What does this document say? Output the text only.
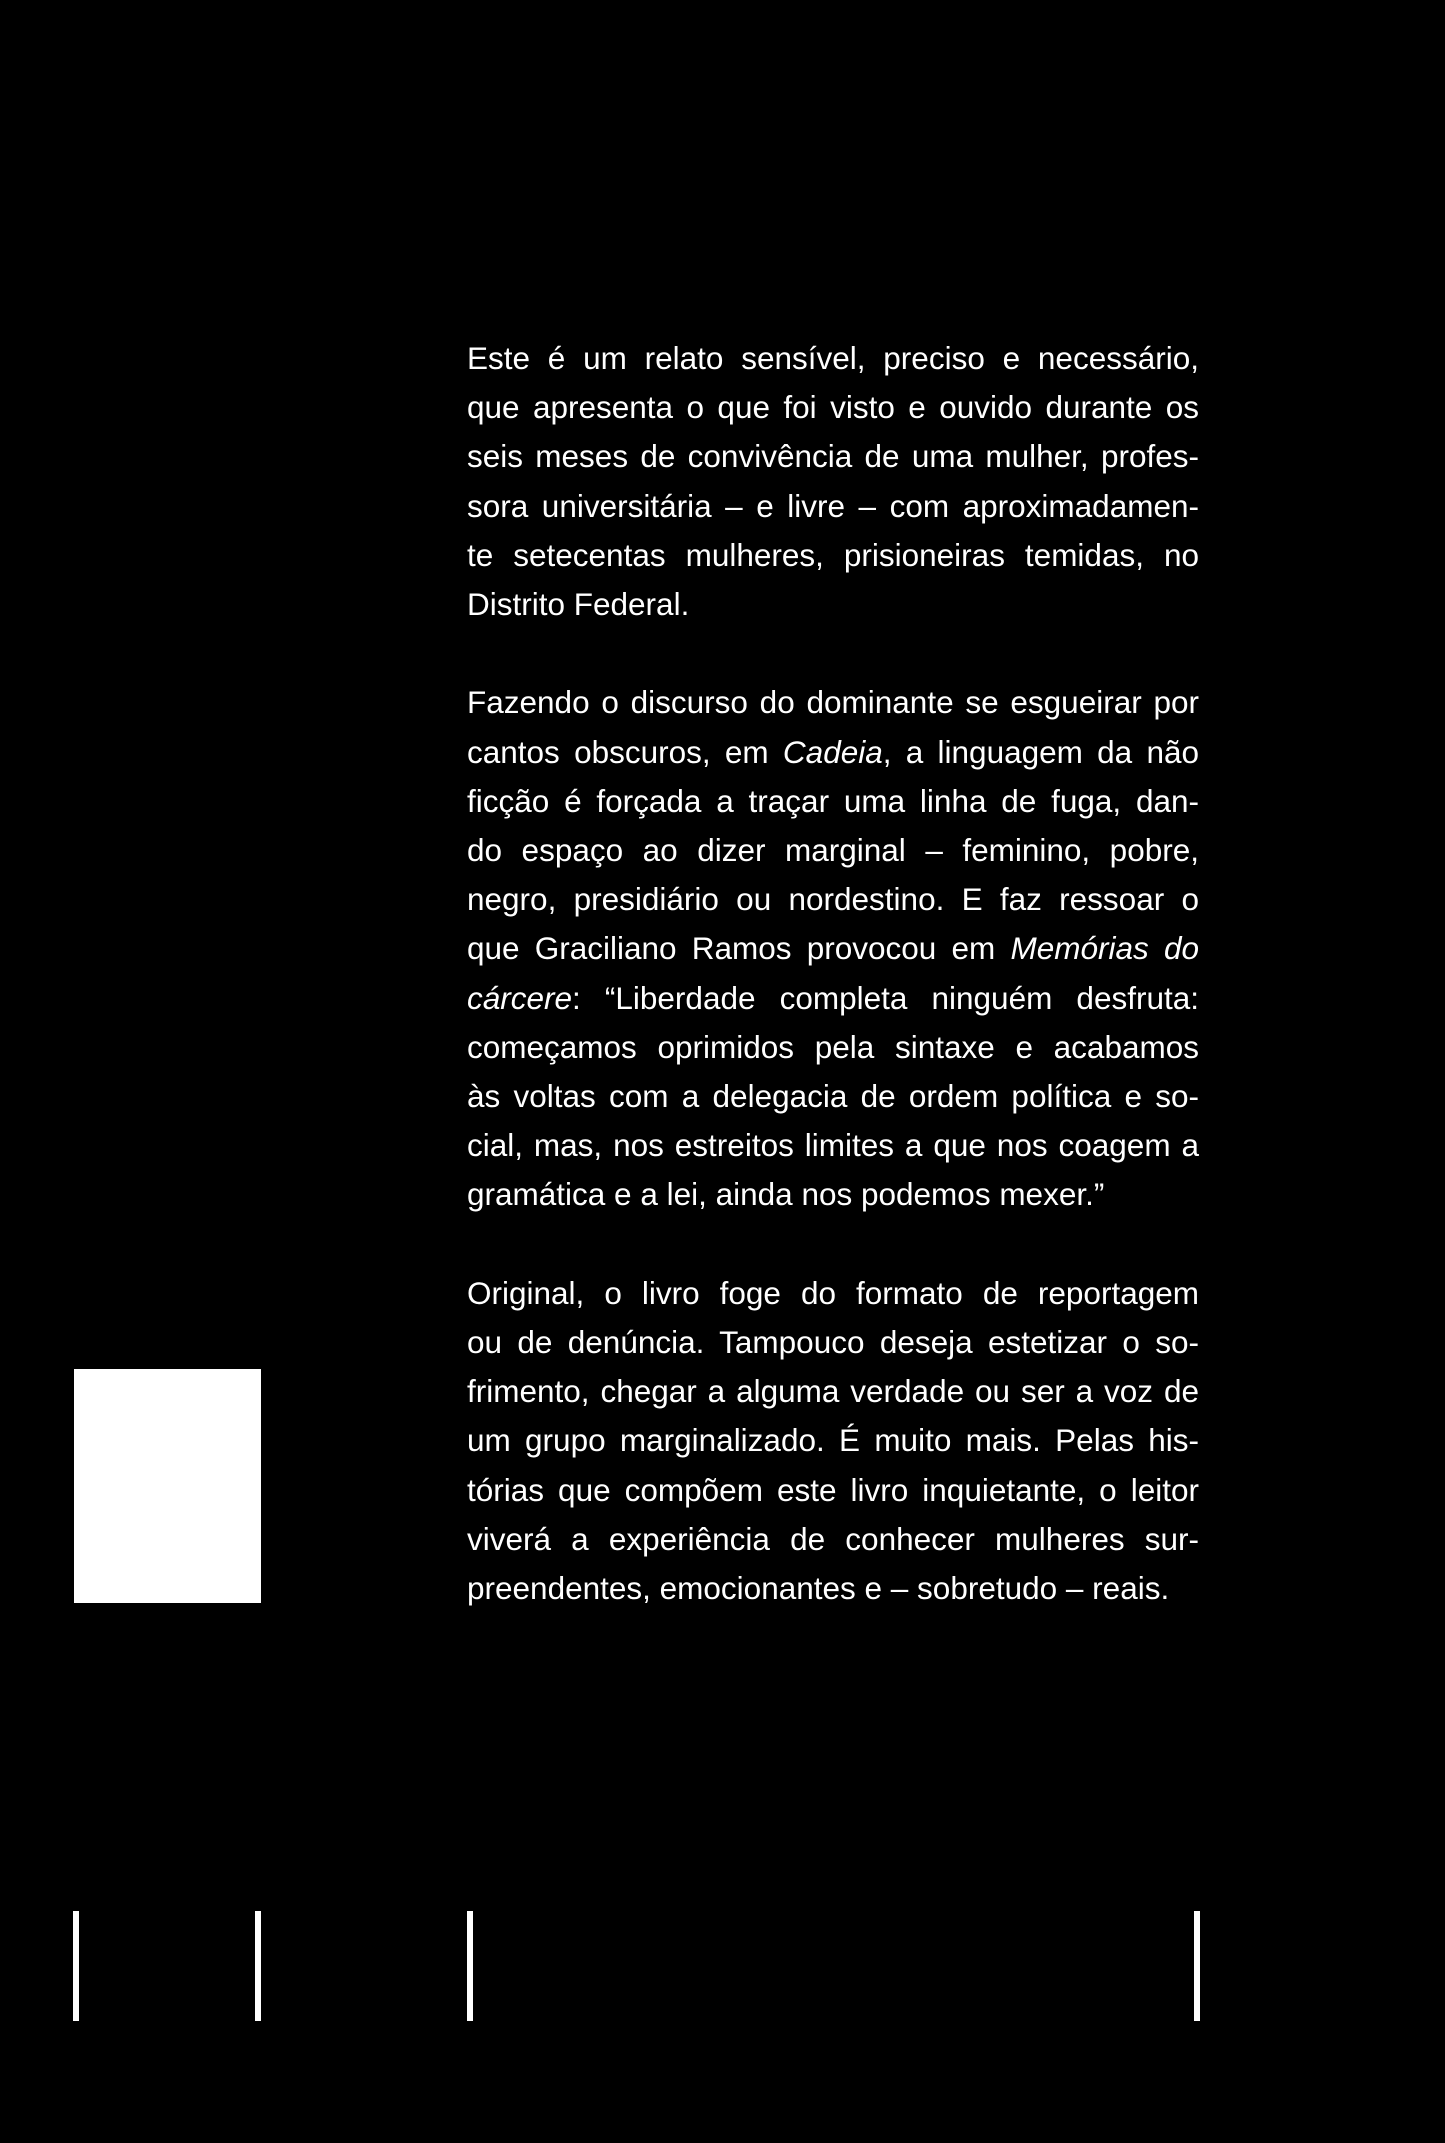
Este é um relato sensível, preciso e necessário,
que apresenta o que foi visto e ouvido durante os
seis meses de convivência de uma mulher, profes-
sora universitária – e livre – com aproximadamen-
te setecentas mulheres, prisioneiras temidas, no
Distrito Federal.

Fazendo o discurso do dominante se esgueirar por
cantos obscuros, em Cadeia, a linguagem da não
ficção é forçada a traçar uma linha de fuga, dan-
do espaço ao dizer marginal – feminino, pobre,
negro, presidiário ou nordestino. E faz ressoar o
que Graciliano Ramos provocou em Memórias do
cárcere: “Liberdade completa ninguém desfruta:
começamos oprimidos pela sintaxe e acabamos
às voltas com a delegacia de ordem política e so-
cial, mas, nos estreitos limites a que nos coagem a
gramática e a lei, ainda nos podemos mexer.”

Original, o livro foge do formato de reportagem
ou de denúncia. Tampouco deseja estetizar o so-
frimento, chegar a alguma verdade ou ser a voz de
um grupo marginalizado. É muito mais. Pelas his-
tórias que compõem este livro inquietante, o leitor
viverá a experiência de conhecer mulheres sur-
preendentes, emocionantes e – sobretudo – reais.
